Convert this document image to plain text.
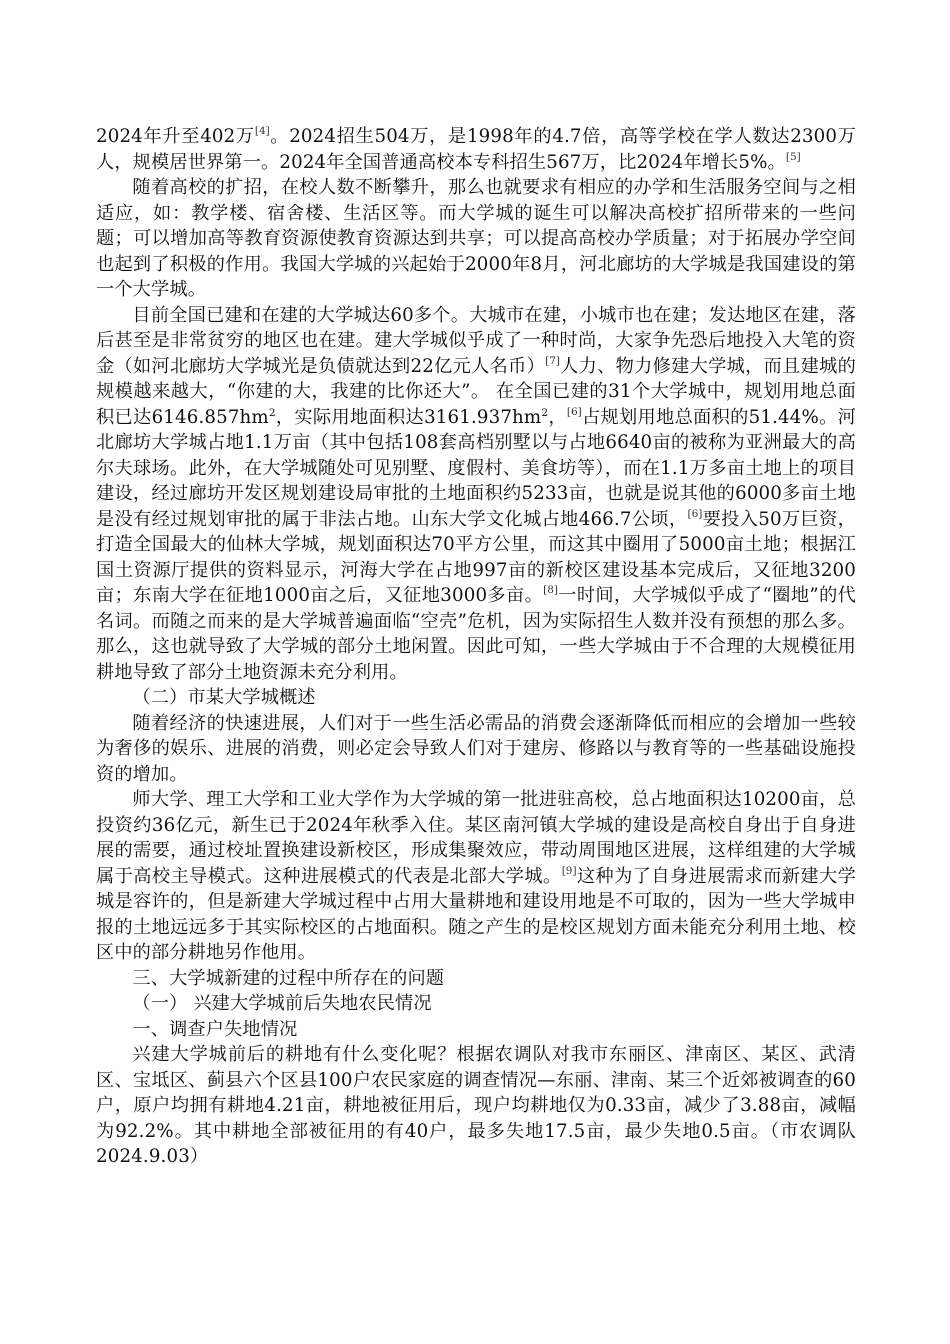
2024年升至402万[4]。2024招生504万，是1998年的4.7倍，高等学校在学人数达2300万人，规模居世界第一。2024年全国普通高校本专科招生567万，比2024年增长5%。[5]

随着高校的扩招，在校人数不断攀升，那么也就要求有相应的办学和生活服务空间与之相适应，如：教学楼、宿舍楼、生活区等。而大学城的诞生可以解决高校扩招所带来的一些问题；可以增加高等教育资源使教育资源达到共享；可以提高高校办学质量；对于拓展办学空间也起到了积极的作用。我国大学城的兴起始于2000年8月，河北廊坊的大学城是我国建设的第一个大学城。

目前全国已建和在建的大学城达60多个。大城市在建，小城市也在建；发达地区在建，落后甚至是非常贫穷的地区也在建。建大学城似乎成了一种时尚，大家争先恐后地投入大笔的资金（如河北廊坊大学城光是负债就达到22亿元人名币）[7]人力、物力修建大学城，而且建城的规模越来越大，“你建的大，我建的比你还大”。 在全国已建的31个大学城中，规划用地总面积已达$6146.857hm^2$，实际用地面积达$3161.937hm^2$，[6]占规划用地总面积的51.44%。河北廊坊大学城占地1.1万亩（其中包括108套高档别墅以与占地6640亩的被称为亚洲最大的高尔夫球场。此外，在大学城随处可见别墅、度假村、美食坊等），而在1.1万多亩土地上的项目建设，经过廊坊开发区规划建设局审批的土地面积约5233亩，也就是说其他的6000多亩土地是没有经过规划审批的属于非法占地。山东大学文化城占地466.7公顷，[6]要投入50万巨资，打造全国最大的仙林大学城，规划面积达70平方公里，而这其中圈用了5000亩土地；根据江国土资源厅提供的资料显示，河海大学在占地997亩的新校区建设基本完成后，又征地3200亩；东南大学在征地1000亩之后，又征地3000多亩。[8]一时间，大学城似乎成了“圈地”的代名词。而随之而来的是大学城普遍面临“空壳”危机，因为实际招生人数并没有预想的那么多。那么，这也就导致了大学城的部分土地闲置。因此可知，一些大学城由于不合理的大规模征用耕地导致了部分土地资源未充分利用。

（二）市某大学城概述

随着经济的快速进展，人们对于一些生活必需品的消费会逐渐降低而相应的会增加一些较为奢侈的娱乐、进展的消费，则必定会导致人们对于建房、修路以与教育等的一些基础设施投资的增加。

师大学、理工大学和工业大学作为大学城的第一批进驻高校，总占地面积达10200亩，总投资约36亿元，新生已于2024年秋季入住。某区南河镇大学城的建设是高校自身出于自身进展的需要，通过校址置换建设新校区，形成集聚效应，带动周围地区进展，这样组建的大学城属于高校主导模式。这种进展模式的代表是北部大学城。[9]这种为了自身进展需求而新建大学城是容许的，但是新建大学城过程中占用大量耕地和建设用地是不可取的，因为一些大学城申报的土地远远多于其实际校区的占地面积。随之产生的是校区规划方面未能充分利用土地、校区中的部分耕地另作他用。

三、大学城新建的过程中所存在的问题

（一） 兴建大学城前后失地农民情况

一、调查户失地情况

兴建大学城前后的耕地有什么变化呢？根据农调队对我市东丽区、津南区、某区、武清区、宝坻区、蓟县六个区县100户农民家庭的调查情况—东丽、津南、某三个近郊被调查的60户，原户均拥有耕地4.21亩，耕地被征用后，现户均耕地仅为0.33亩，减少了3.88亩，减幅为92.2%。其中耕地全部被征用的有40户，最多失地17.5亩，最少失地0.5亩。（市农调队 2024.9.03）
